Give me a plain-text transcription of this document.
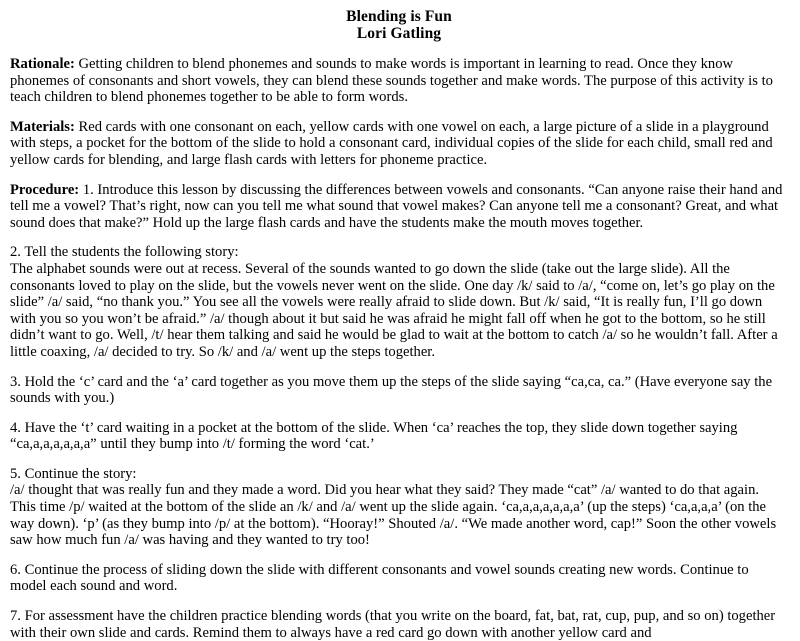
Blending is Fun
Lori Gatling

Rationale: Getting children to blend phonemes and sounds to make words is important in learning to read. Once they know phonemes of consonants and short vowels, they can blend these sounds together and make words. The purpose of this activity is to teach children to blend phonemes together to be able to form words.

Materials: Red cards with one consonant on each, yellow cards with one vowel on each, a large picture of a slide in a playground with steps, a pocket for the bottom of the slide to hold a consonant card, individual copies of the slide for each child, small red and yellow cards for blending, and large flash cards with letters for phoneme practice.

Procedure: 1. Introduce this lesson by discussing the differences between vowels and consonants. “Can anyone raise their hand and tell me a vowel? That’s right, now can you tell me what sound that vowel makes? Can anyone tell me a consonant? Great, and what sound does that make?” Hold up the large flash cards and have the students make the mouth moves together.

2. Tell the students the following story:

The alphabet sounds were out at recess. Several of the sounds wanted to go down the slide (take out the large slide). All the consonants loved to play on the slide, but the vowels never went on the slide. One day /k/ said to /a/, “come on, let’s go play on the slide” /a/ said, “no thank you.” You see all the vowels were really afraid to slide down. But /k/ said, “It is really fun, I’ll go down with you so you won’t be afraid.” /a/ though about it but said he was afraid he might fall off when he got to the bottom, so he still didn’t want to go. Well, /t/ hear them talking and said he would be glad to wait at the bottom to catch /a/ so he wouldn’t fall. After a little coaxing, /a/ decided to try. So /k/ and /a/ went up the steps together.

3. Hold the ‘c’ card and the ‘a’ card together as you move them up the steps of the slide saying “ca,ca, ca.” (Have everyone say the sounds with you.)

4. Have the ‘t’ card waiting in a pocket at the bottom of the slide. When ‘ca’ reaches the top, they slide down together saying “ca,a,a,a,a,a,a” until they bump into /t/ forming the word ‘cat.’

5. Continue the story:

/a/ thought that was really fun and they made a word. Did you hear what they said? They made “cat” /a/ wanted to do that again. This time /p/ waited at the bottom of the slide an /k/ and /a/ went up the slide again. ‘ca,a,a,a,a,a,a’ (up the steps) ‘ca,a,a,a’ (on the way down). ‘p’ (as they bump into /p/ at the bottom). “Hooray!” Shouted /a/. “We made another word, cap!” Soon the other vowels saw how much fun /a/ was having and they wanted to try too!

6. Continue the process of sliding down the slide with different consonants and vowel sounds creating new words. Continue to model each sound and word.

7. For assessment have the children practice blending words (that you write on the board, fat, bat, rat, cup, pup, and so on) together with their own slide and cards. Remind them to always have a red card go down with another yellow card and
